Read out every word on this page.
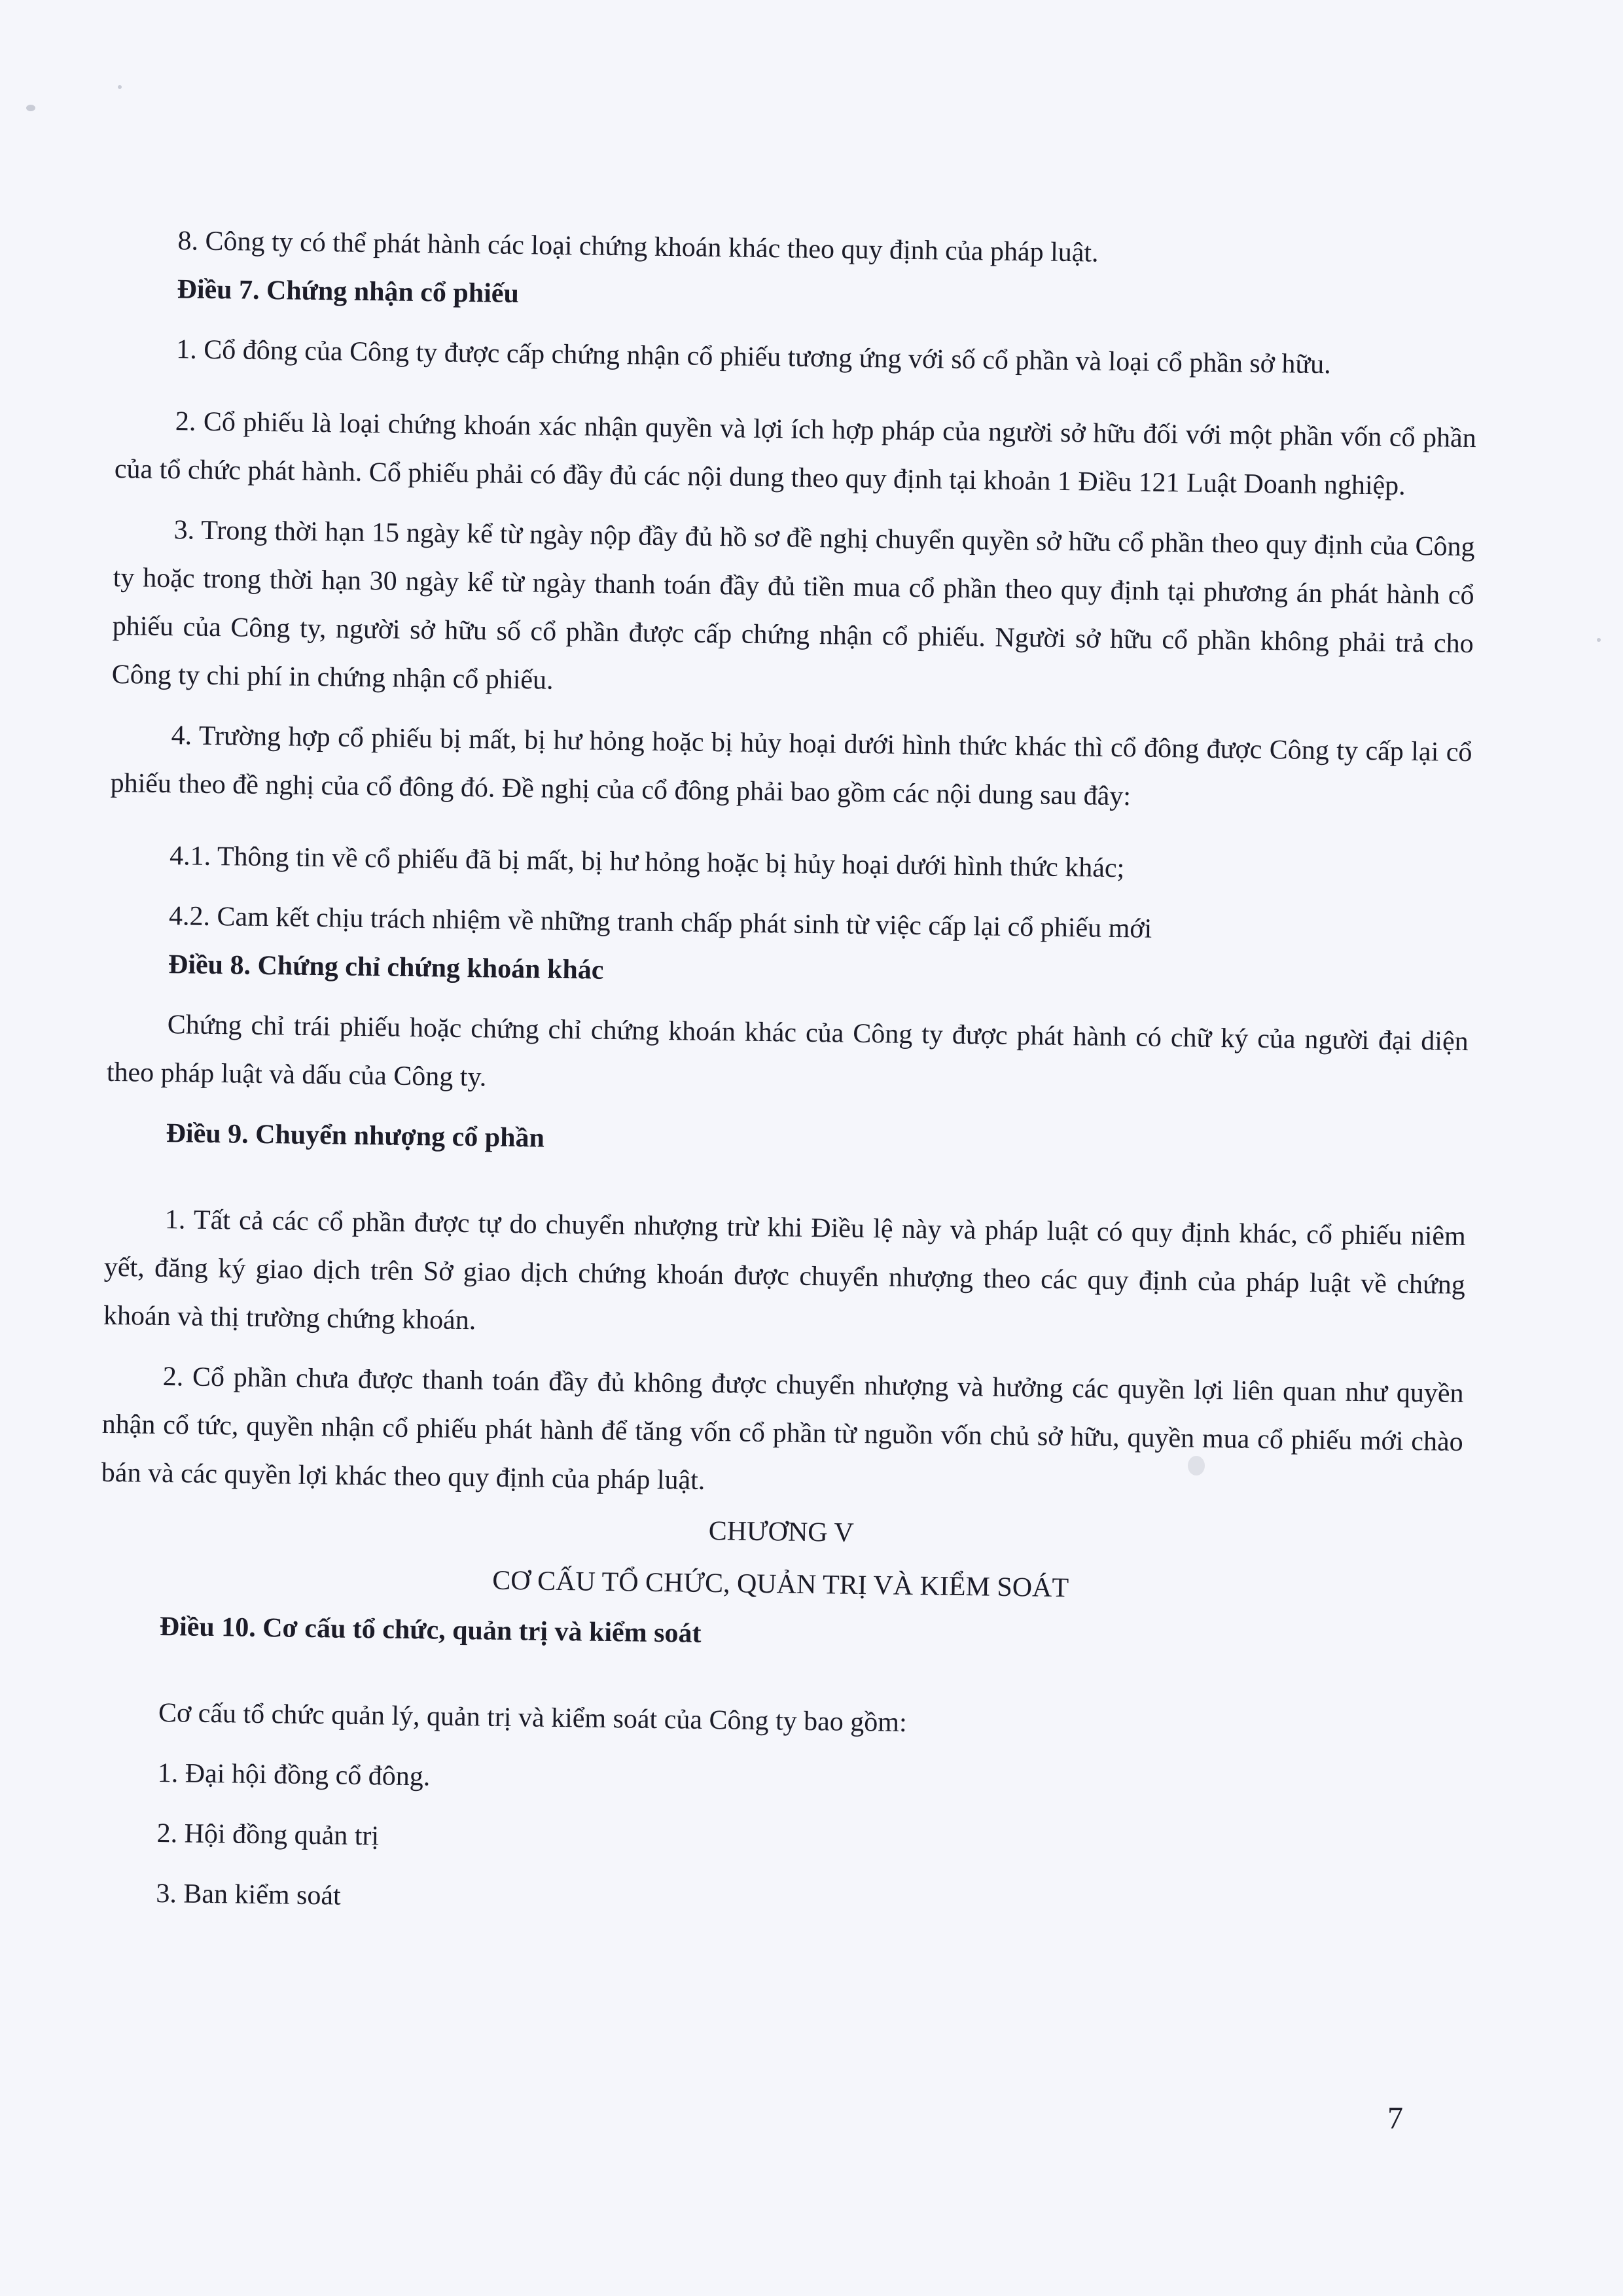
8. Công ty có thể phát hành các loại chứng khoán khác theo quy định của pháp luật.

Điều 7. Chứng nhận cổ phiếu

1. Cổ đông của Công ty được cấp chứng nhận cổ phiếu tương ứng với số cổ phần và loại cổ phần sở hữu.

2. Cổ phiếu là loại chứng khoán xác nhận quyền và lợi ích hợp pháp của người sở hữu đối với một phần vốn cổ phần của tổ chức phát hành. Cổ phiếu phải có đầy đủ các nội dung theo quy định tại khoản 1 Điều 121 Luật Doanh nghiệp.

3. Trong thời hạn 15 ngày kể từ ngày nộp đầy đủ hồ sơ đề nghị chuyển quyền sở hữu cổ phần theo quy định của Công ty hoặc trong thời hạn 30 ngày kể từ ngày thanh toán đầy đủ tiền mua cổ phần theo quy định tại phương án phát hành cổ phiếu của Công ty, người sở hữu số cổ phần được cấp chứng nhận cổ phiếu. Người sở hữu cổ phần không phải trả cho Công ty chi phí in chứng nhận cổ phiếu.

4. Trường hợp cổ phiếu bị mất, bị hư hỏng hoặc bị hủy hoại dưới hình thức khác thì cổ đông được Công ty cấp lại cổ phiếu theo đề nghị của cổ đông đó. Đề nghị của cổ đông phải bao gồm các nội dung sau đây:

4.1. Thông tin về cổ phiếu đã bị mất, bị hư hỏng hoặc bị hủy hoại dưới hình thức khác;

4.2. Cam kết chịu trách nhiệm về những tranh chấp phát sinh từ việc cấp lại cổ phiếu mới

Điều 8. Chứng chỉ chứng khoán khác

Chứng chỉ trái phiếu hoặc chứng chỉ chứng khoán khác của Công ty được phát hành có chữ ký của người đại diện theo pháp luật và dấu của Công ty.

Điều 9. Chuyển nhượng cổ phần

1. Tất cả các cổ phần được tự do chuyển nhượng trừ khi Điều lệ này và pháp luật có quy định khác, cổ phiếu niêm yết, đăng ký giao dịch trên Sở giao dịch chứng khoán được chuyển nhượng theo các quy định của pháp luật về chứng khoán và thị trường chứng khoán.

2. Cổ phần chưa được thanh toán đầy đủ không được chuyển nhượng và hưởng các quyền lợi liên quan như quyền nhận cổ tức, quyền nhận cổ phiếu phát hành để tăng vốn cổ phần từ nguồn vốn chủ sở hữu, quyền mua cổ phiếu mới chào bán và các quyền lợi khác theo quy định của pháp luật.

CHƯƠNG V

CƠ CẤU TỔ CHỨC, QUẢN TRỊ VÀ KIỂM SOÁT

Điều 10. Cơ cấu tổ chức, quản trị và kiểm soát

Cơ cấu tổ chức quản lý, quản trị và kiểm soát của Công ty bao gồm:

1. Đại hội đồng cổ đông.

2. Hội đồng quản trị

3. Ban kiểm soát

7
